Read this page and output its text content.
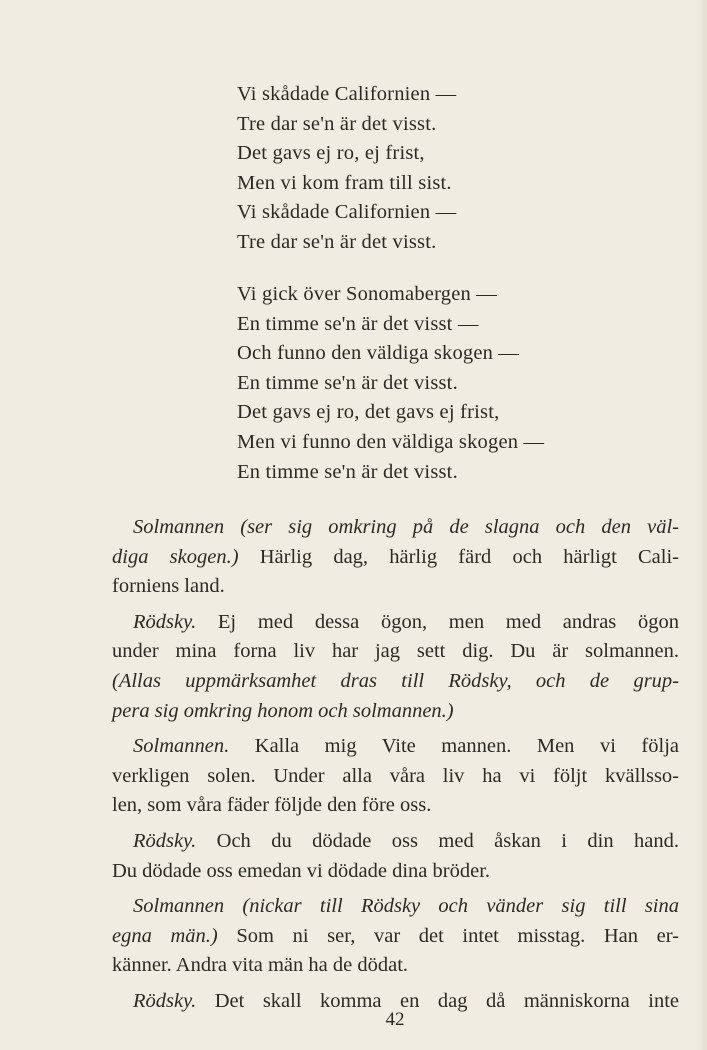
Vi skådade Californien —
Tre dar se'n är det visst.
Det gavs ej ro, ej frist,
Men vi kom fram till sist.
Vi skådade Californien —
Tre dar se'n är det visst.
Vi gick över Sonomabergen —
En timme se'n är det visst —
Och funno den väldiga skogen —
En timme se'n är det visst.
Det gavs ej ro, det gavs ej frist,
Men vi funno den väldiga skogen —
En timme se'n är det visst.
Solmannen (ser sig omkring på de slagna och den väl-
diga skogen.) Härlig dag, härlig färd och härligt Cali-
forniens land.
Rödsky. Ej med dessa ögon, men med andras ögon
under mina forna liv har jag sett dig. Du är solmannen.
(Allas uppmärksamhet dras till Rödsky, och de grup-
pera sig omkring honom och solmannen.)
Solmannen. Kalla mig Vite mannen. Men vi följa
verkligen solen. Under alla våra liv ha vi följt kvällsso-
len, som våra fäder följde den före oss.
Rödsky. Och du dödade oss med åskan i din hand.
Du dödade oss emedan vi dödade dina bröder.
Solmannen (nickar till Rödsky och vänder sig till sina
egna män.) Som ni ser, var det intet misstag. Han er-
känner. Andra vita män ha de dödat.
Rödsky. Det skall komma en dag då människorna inte
42
